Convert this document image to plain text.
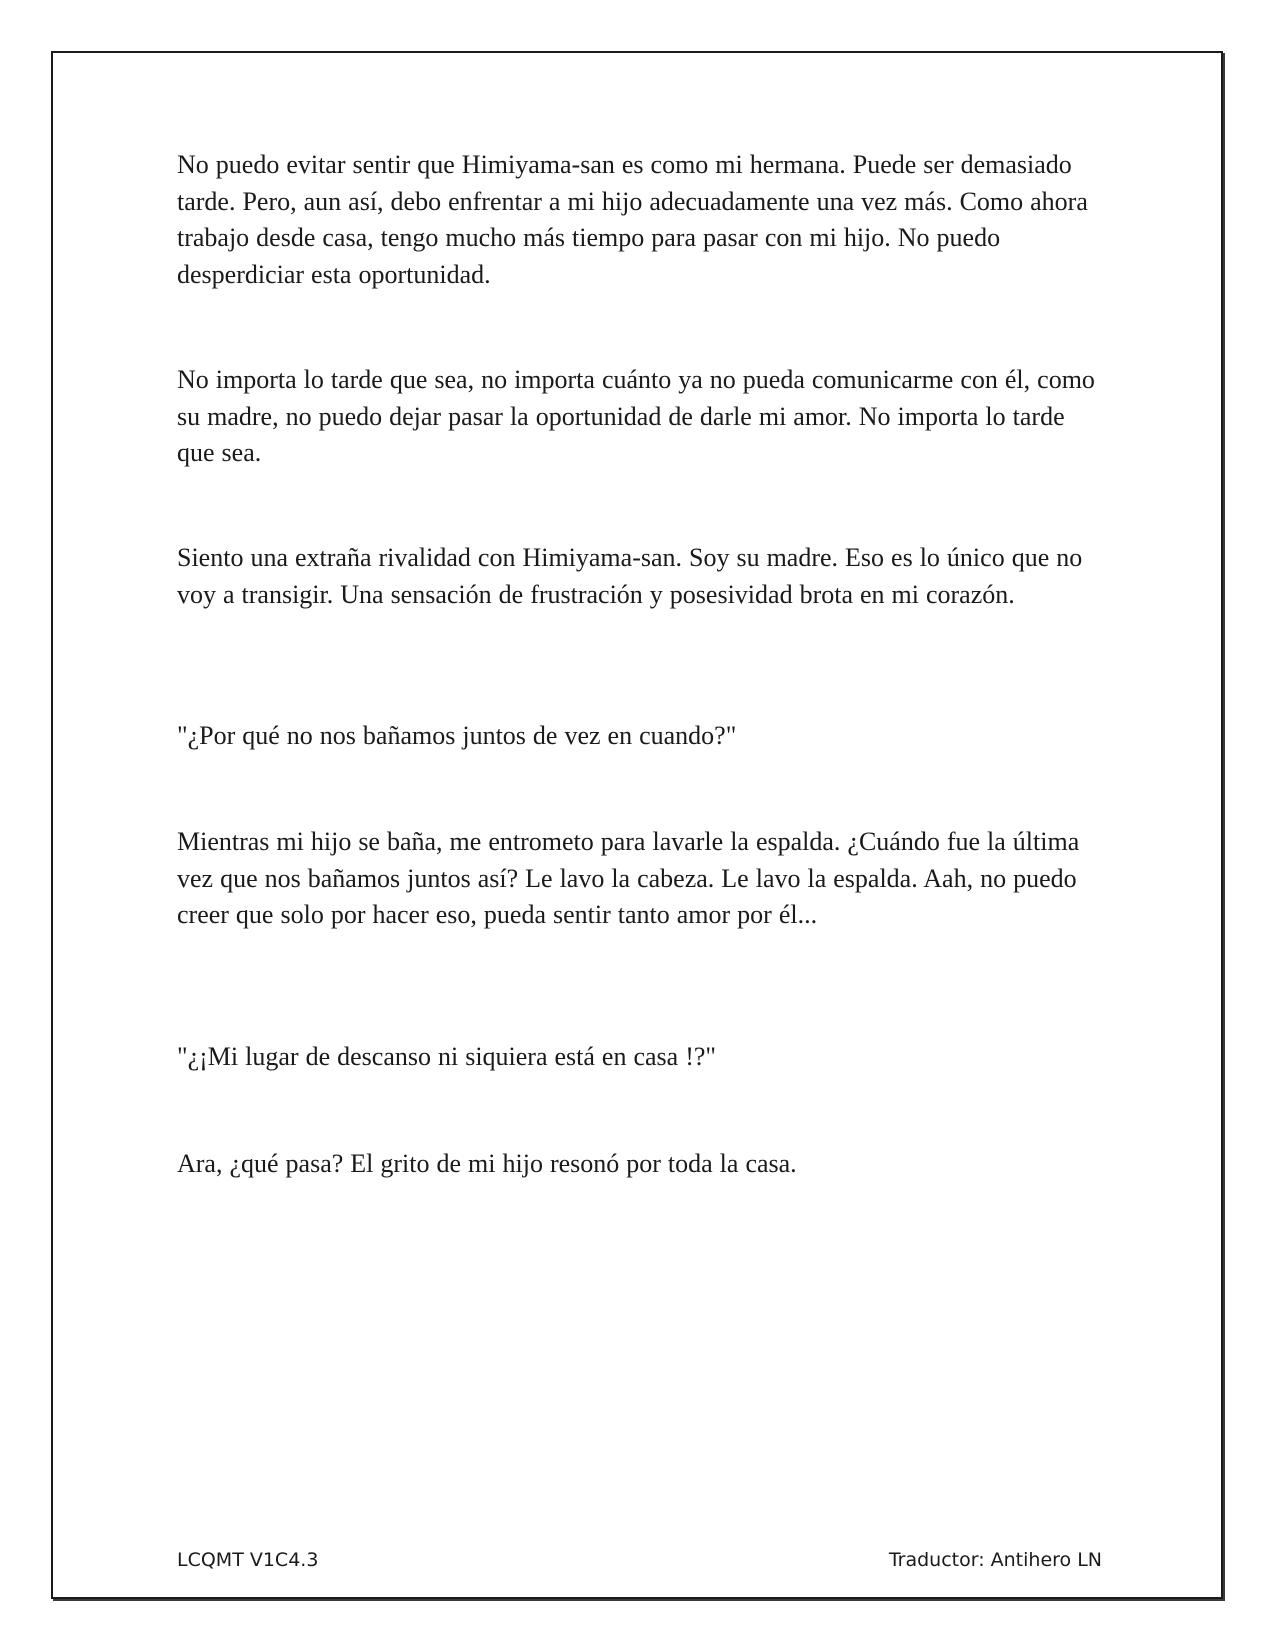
No puedo evitar sentir que Himiyama-san es como mi hermana. Puede ser demasiado tarde. Pero, aun así, debo enfrentar a mi hijo adecuadamente una vez más. Como ahora trabajo desde casa, tengo mucho más tiempo para pasar con mi hijo. No puedo desperdiciar esta oportunidad.

No importa lo tarde que sea, no importa cuánto ya no pueda comunicarme con él, como su madre, no puedo dejar pasar la oportunidad de darle mi amor. No importa lo tarde que sea.

Siento una extraña rivalidad con Himiyama-san. Soy su madre. Eso es lo único que no voy a transigir. Una sensación de frustración y posesividad brota en mi corazón.

"¿Por qué no nos bañamos juntos de vez en cuando?"

Mientras mi hijo se baña, me entrometo para lavarle la espalda. ¿Cuándo fue la última vez que nos bañamos juntos así? Le lavo la cabeza. Le lavo la espalda. Aah, no puedo creer que solo por hacer eso, pueda sentir tanto amor por él...

"¿¡Mi lugar de descanso ni siquiera está en casa !?"

Ara, ¿qué pasa? El grito de mi hijo resonó por toda la casa.

LCQMT V1C4.3	Traductor: Antihero LN
